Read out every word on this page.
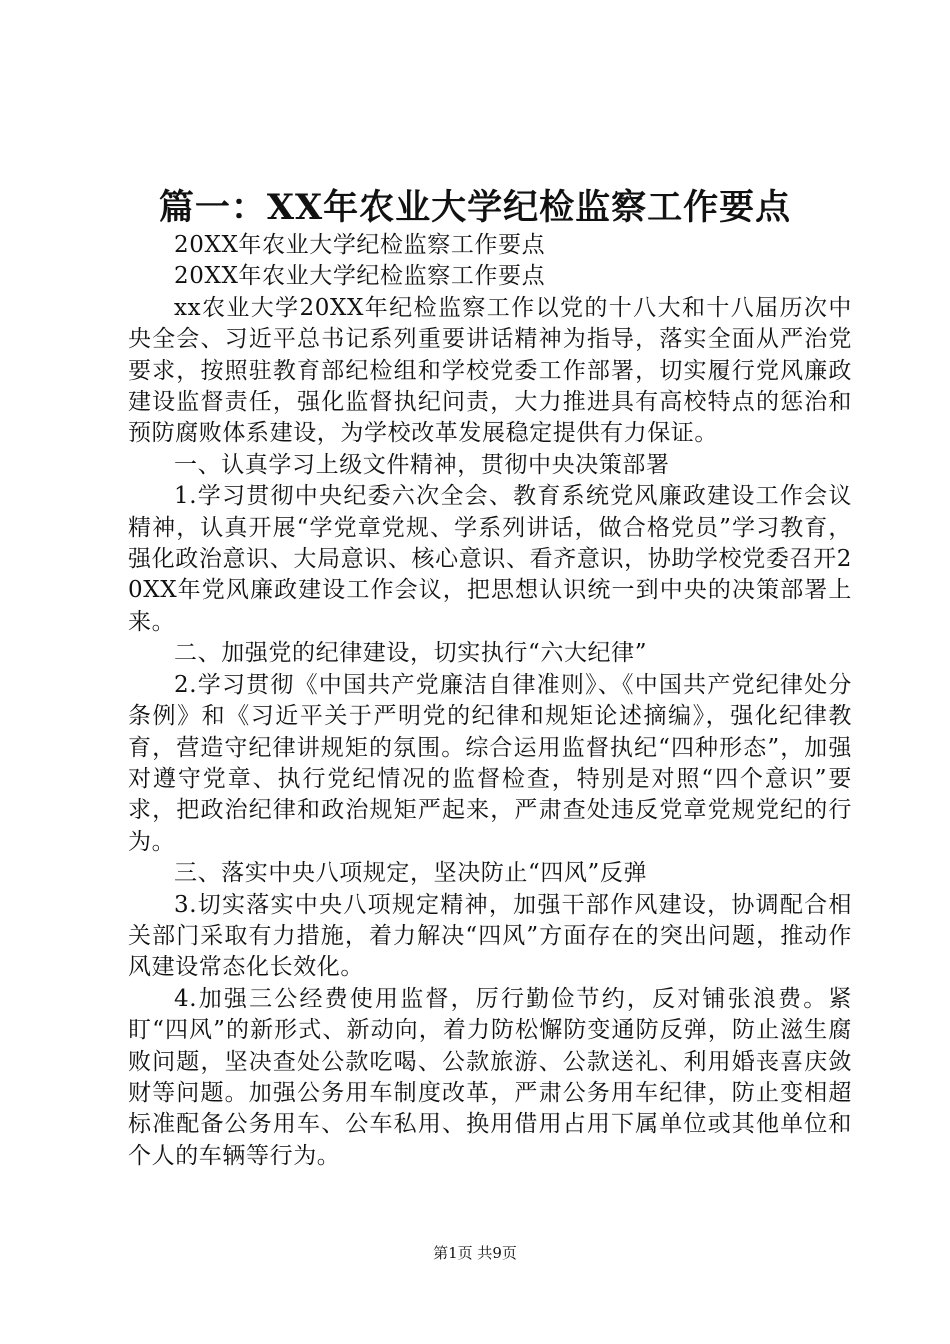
篇一：XX年农业大学纪检监察工作要点

20XX年农业大学纪检监察工作要点

20XX年农业大学纪检监察工作要点

xx农业大学20XX年纪检监察工作以党的十八大和十八届历次中央全会、习近平总书记系列重要讲话精神为指导，落实全面从严治党要求，按照驻教育部纪检组和学校党委工作部署，切实履行党风廉政建设监督责任，强化监督执纪问责，大力推进具有高校特点的惩治和预防腐败体系建设，为学校改革发展稳定提供有力保证。

一、认真学习上级文件精神，贯彻中央决策部署

1.学习贯彻中央纪委六次全会、教育系统党风廉政建设工作会议精神，认真开展“学党章党规、学系列讲话，做合格党员”学习教育，强化政治意识、大局意识、核心意识、看齐意识，协助学校党委召开20XX年党风廉政建设工作会议，把思想认识统一到中央的决策部署上来。

二、加强党的纪律建设，切实执行“六大纪律”

2.学习贯彻《中国共产党廉洁自律准则》、《中国共产党纪律处分条例》和《习近平关于严明党的纪律和规矩论述摘编》，强化纪律教育，营造守纪律讲规矩的氛围。综合运用监督执纪“四种形态”，加强对遵守党章、执行党纪情况的监督检查，特别是对照“四个意识”要求，把政治纪律和政治规矩严起来，严肃查处违反党章党规党纪的行为。

三、落实中央八项规定，坚决防止“四风”反弹

3.切实落实中央八项规定精神，加强干部作风建设，协调配合相关部门采取有力措施，着力解决“四风”方面存在的突出问题，推动作风建设常态化长效化。

4.加强三公经费使用监督，厉行勤俭节约，反对铺张浪费。紧盯“四风”的新形式、新动向，着力防松懈防变通防反弹，防止滋生腐败问题，坚决查处公款吃喝、公款旅游、公款送礼、利用婚丧喜庆敛财等问题。加强公务用车制度改革，严肃公务用车纪律，防止变相超标准配备公务用车、公车私用、换用借用占用下属单位或其他单位和个人的车辆等行为。

第1页 共9页
